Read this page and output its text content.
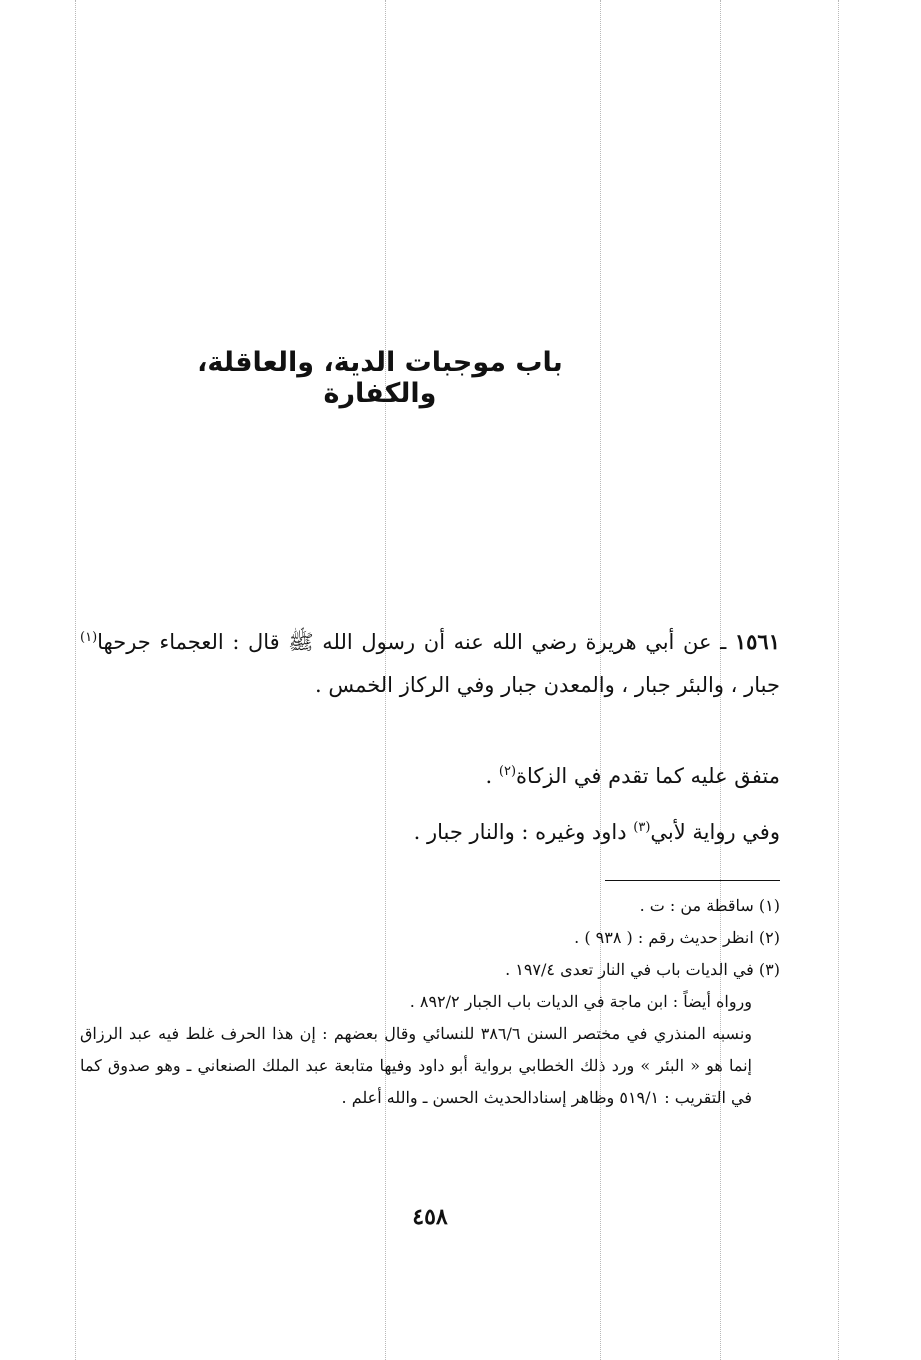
باب موجبات الدية، والعاقلة، والكفارة
١٥٦١ ـ عن أبي هريرة رضي الله عنه أن رسول الله ﷺ قال : العجماء جرحها$^{(١)}$ جبار ، والبئر جبار ، والمعدن جبار وفي الركاز الخمس .
متفق عليه كما تقدم في الزكاة$^{(٢)}$ .
وفي رواية لأبي$^{(٣)}$ داود وغيره : والنار جبار .
(١) ساقطة من : ت .
(٢) انظر حديث رقم : ( ٩٣٨ ) .
(٣) في الديات باب في النار تعدى ١٩٧/٤ .
ورواه أيضاً : ابن ماجة في الديات باب الجبار ٨٩٢/٢ .
ونسبه المنذري في مختصر السنن ٣٨٦/٦ للنسائي وقال بعضهم : إن هذا الحرف غلط فيه عبد الرزاق إنما هو « البئر » ورد ذلك الخطابي برواية أبو داود وفيها متابعة عبد الملك الصنعاني ـ وهو صدوق كما في التقريب : ٥١٩/١ وظاهر إسنادالحديث الحسن ـ والله أعلم .
٤٥٨
